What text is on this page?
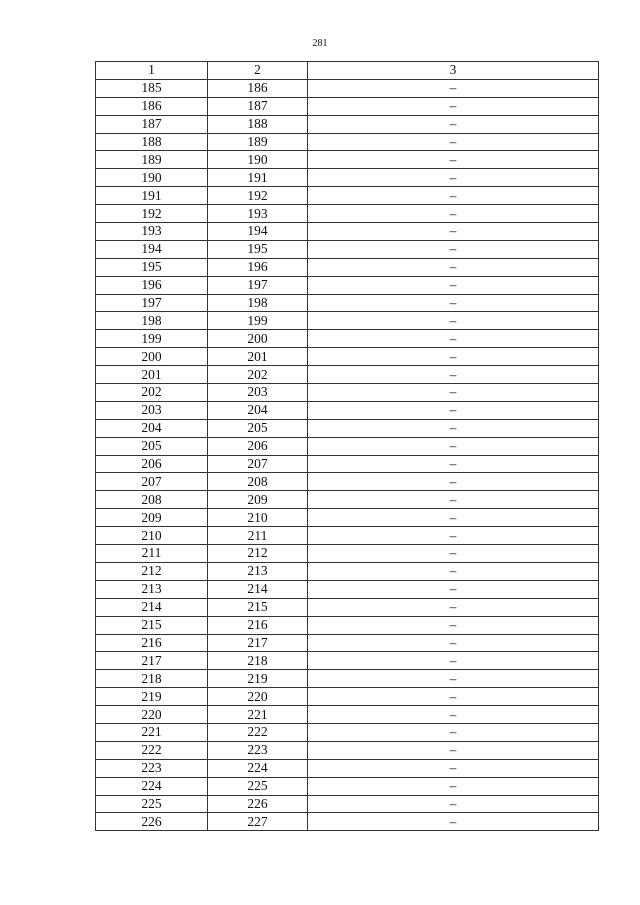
281
1	2	3
185	186	–
186	187	–
187	188	–
188	189	–
189	190	–
190	191	–
191	192	–
192	193	–
193	194	–
194	195	–
195	196	–
196	197	–
197	198	–
198	199	–
199	200	–
200	201	–
201	202	–
202	203	–
203	204	–
204	205	–
205	206	–
206	207	–
207	208	–
208	209	–
209	210	–
210	211	–
211	212	–
212	213	–
213	214	–
214	215	–
215	216	–
216	217	–
217	218	–
218	219	–
219	220	–
220	221	–
221	222	–
222	223	–
223	224	–
224	225	–
225	226	–
226	227	–
